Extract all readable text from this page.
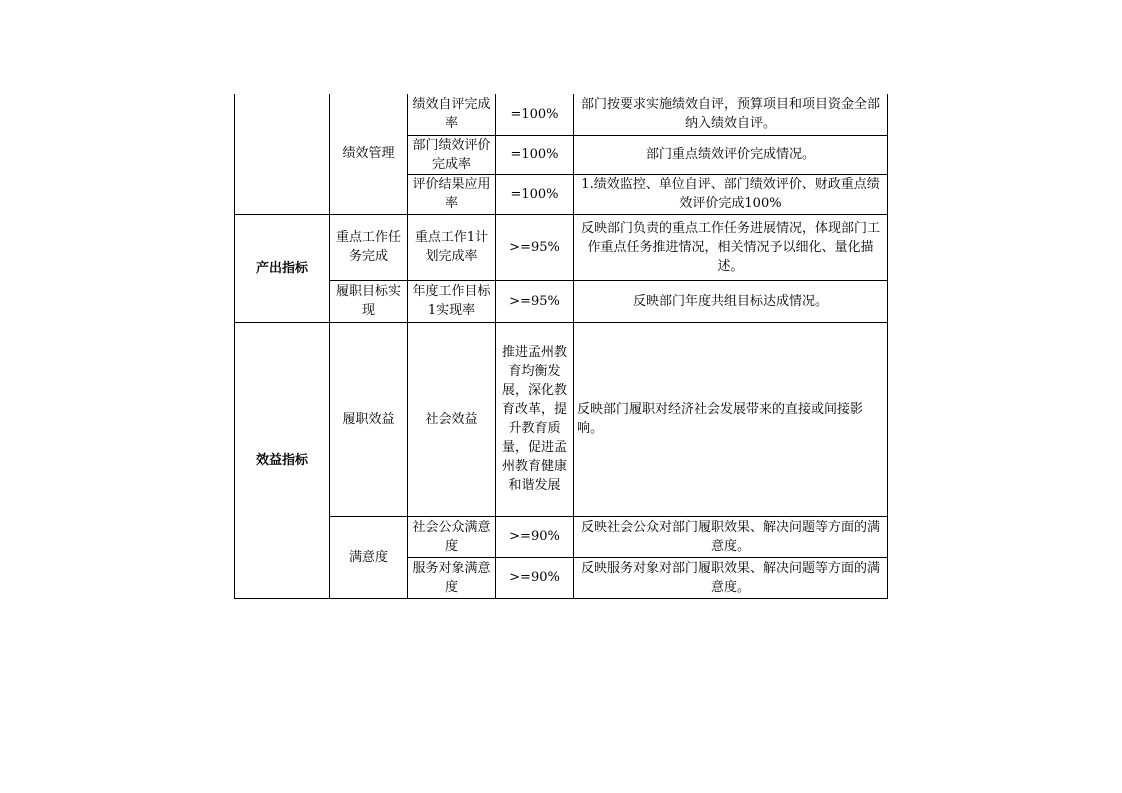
	绩效管理	绩效自评完成率	=100%	部门按要求实施绩效自评，预算项目和项目资金全部纳入绩效自评。
		部门绩效评价完成率	=100%	部门重点绩效评价完成情况。
		评价结果应用率	=100%	1.绩效监控、单位自评、部门绩效评价、财政重点绩效评价完成100%
产出指标	重点工作任务完成	重点工作1计划完成率	>=95%	反映部门负责的重点工作任务进展情况，体现部门工作重点任务推进情况，相关情况予以细化、量化描述。
	履职目标实现	年度工作目标1实现率	>=95%	反映部门年度共组目标达成情况。
效益指标	履职效益	社会效益	推进孟州教育均衡发展，深化教育改革，提升教育质量，促进孟州教育健康和谐发展	反映部门履职对经济社会发展带来的直接或间接影响。
	满意度	社会公众满意度	>=90%	反映社会公众对部门履职效果、解决问题等方面的满意度。
		服务对象满意度	>=90%	反映服务对象对部门履职效果、解决问题等方面的满意度。
